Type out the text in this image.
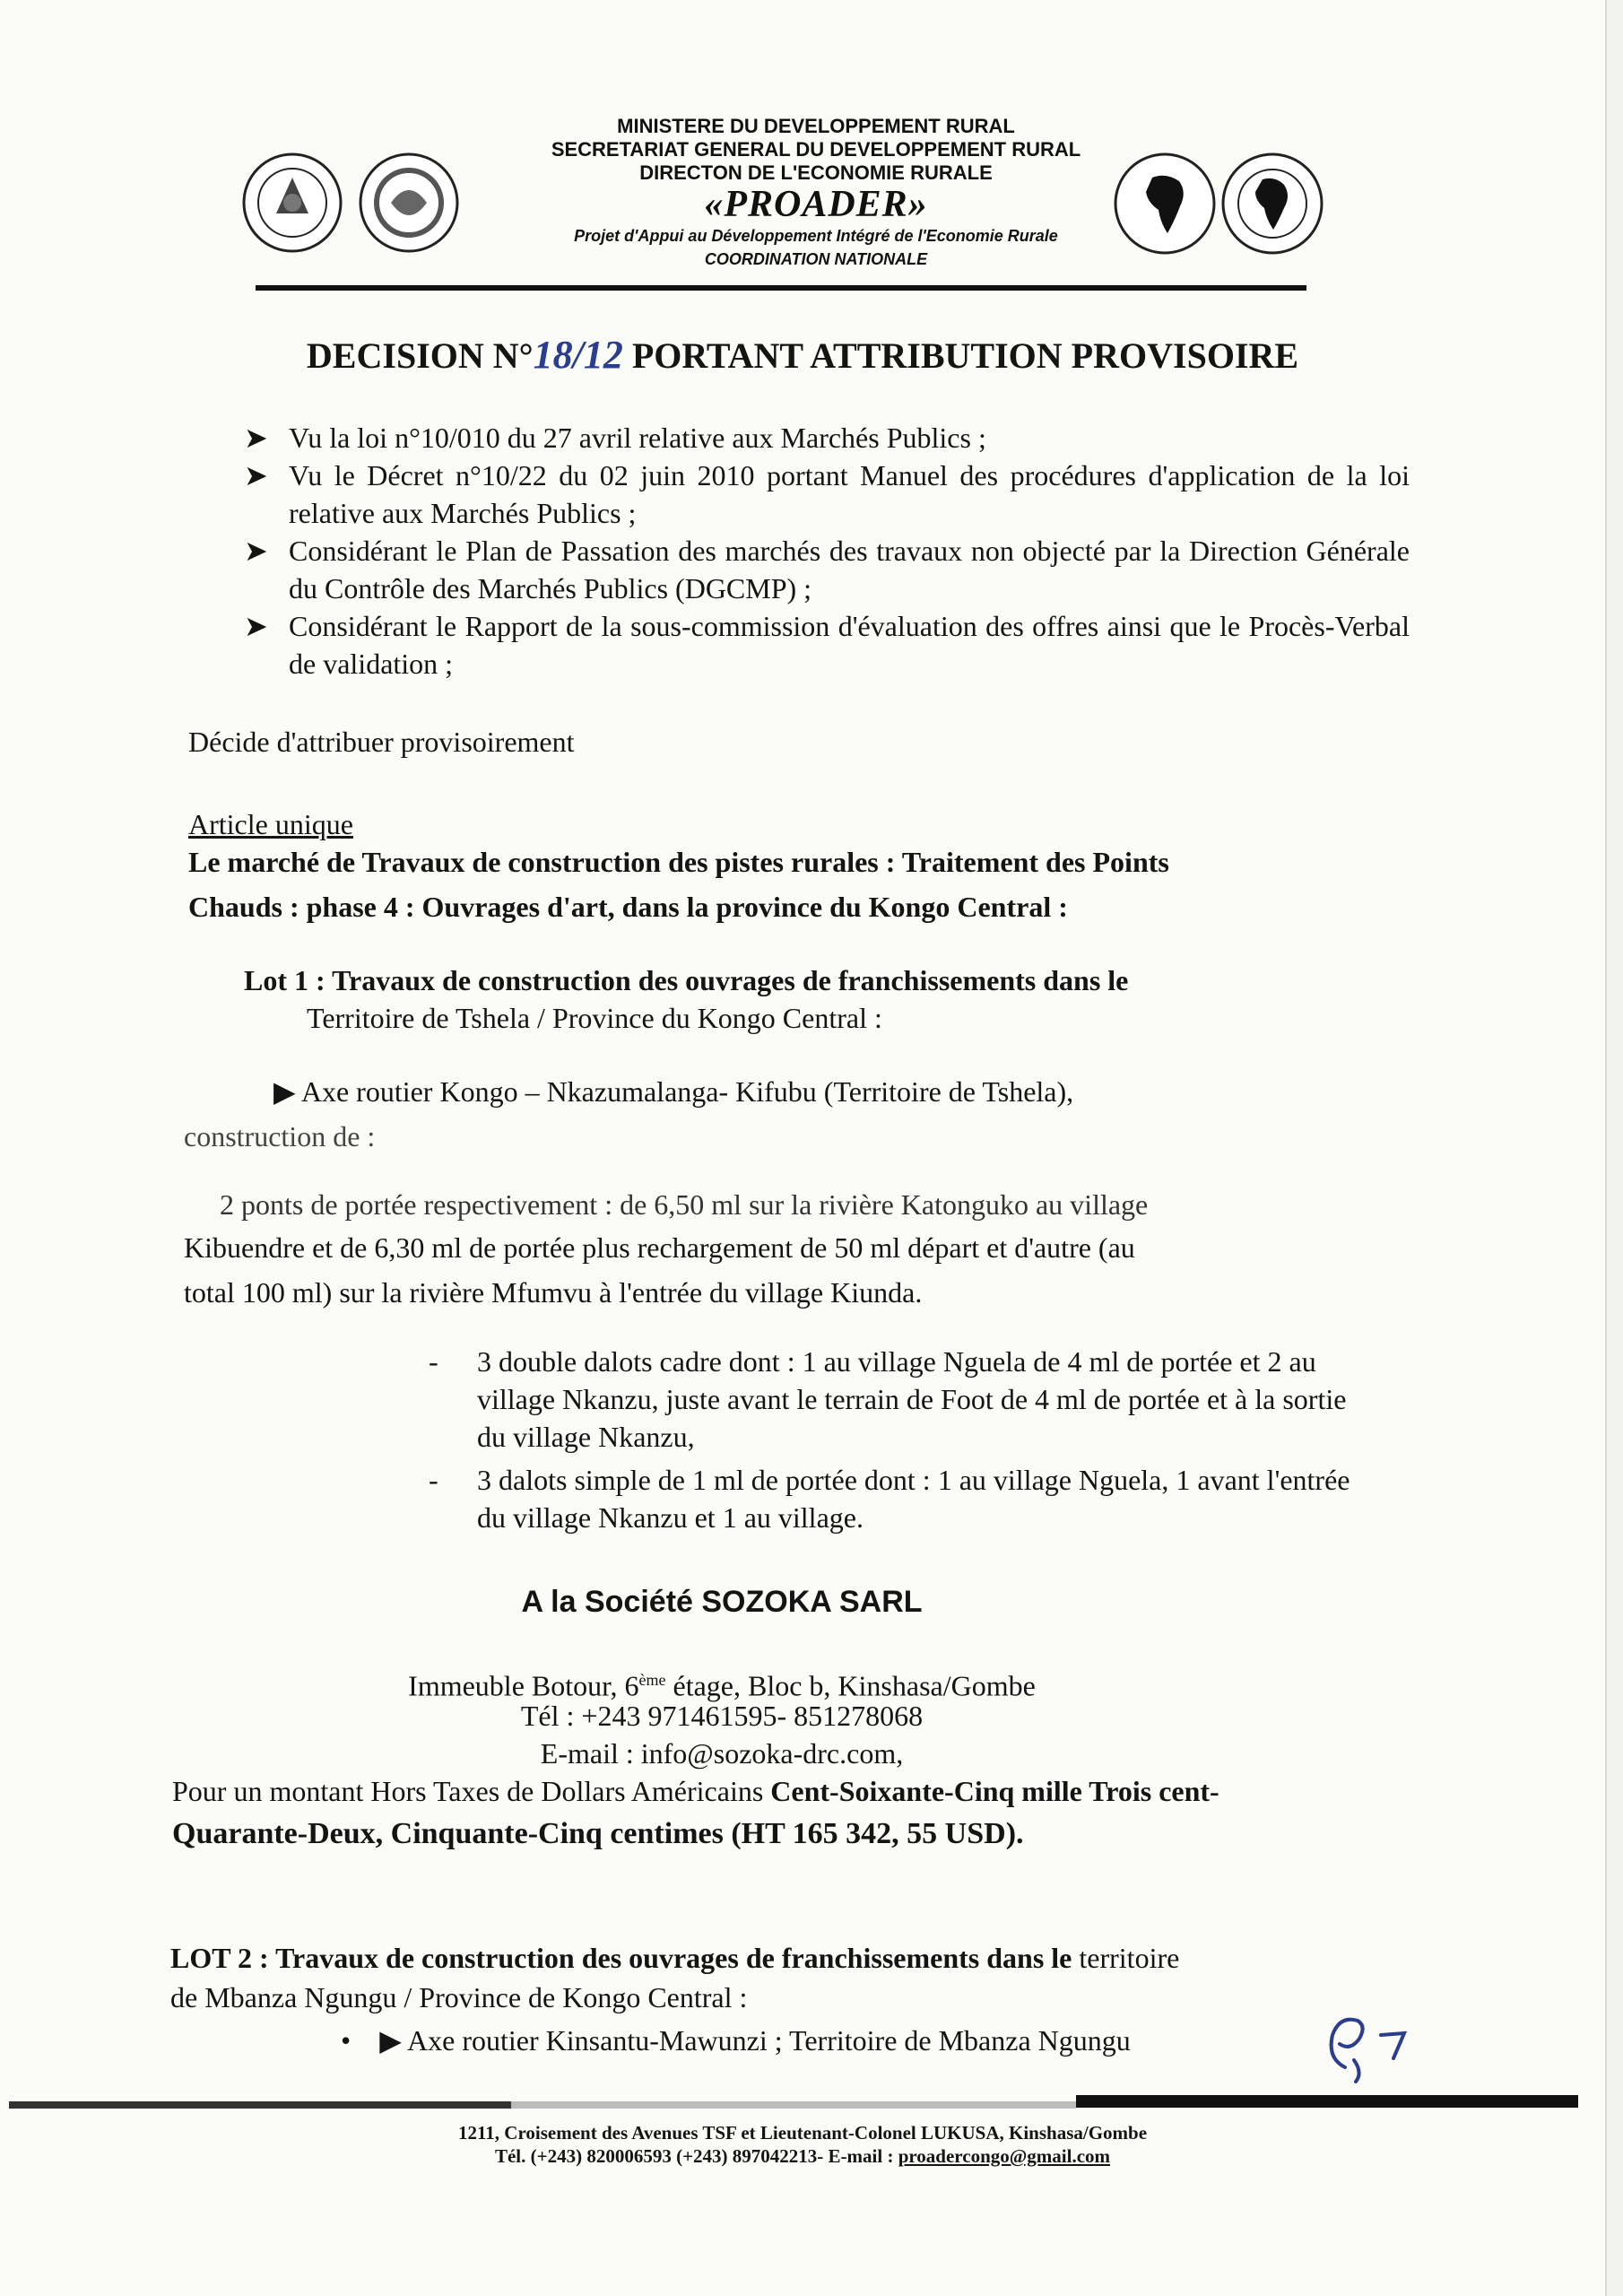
MINISTERE DU DEVELOPPEMENT RURAL
SECRETARIAT GENERAL DU DEVELOPPEMENT RURAL
DIRECTON DE L'ECONOMIE RURALE
«PROADER»
Projet d'Appui au Développement Intégré de l'Economie Rurale
COORDINATION NATIONALE
DECISION N°18/12 PORTANT ATTRIBUTION PROVISOIRE
➤ Vu la loi n°10/010 du 27 avril relative aux Marchés Publics ;
➤ Vu le Décret n°10/22 du 02 juin 2010 portant Manuel des procédures d'application de la loi relative aux Marchés Publics ;
➤ Considérant le Plan de Passation des marchés des travaux non objecté par la Direction Générale du Contrôle des Marchés Publics (DGCMP) ;
➤ Considérant le Rapport de la sous-commission d'évaluation des offres ainsi que le Procès-Verbal de validation ;
Décide d'attribuer provisoirement
Article unique
Le marché de Travaux de construction des pistes rurales : Traitement des Points
Chauds : phase 4 : Ouvrages d'art, dans la province du Kongo Central :
Lot 1 : Travaux de construction des ouvrages de franchissements dans le
Territoire de Tshela / Province du Kongo Central :
▶ Axe routier Kongo – Nkazumalanga- Kifubu (Territoire de Tshela),
construction de :
2 ponts de portée respectivement : de 6,50 ml sur la rivière Katonguko au village
Kibuendre et de 6,30 ml de portée plus rechargement de 50 ml départ et d'autre (au
total 100 ml) sur la rivière Mfumvu à l'entrée du village Kiunda.
- 3 double dalots cadre dont : 1 au village Nguela de 4 ml de portée et 2 au village Nkanzu, juste avant le terrain de Foot de 4 ml de portée et à la sortie du village Nkanzu,
- 3 dalots simple de 1 ml de portée dont : 1 au village Nguela, 1 avant l'entrée du village Nkanzu et 1 au village.
A la Société SOZOKA SARL
Immeuble Botour, 6ème étage, Bloc b, Kinshasa/Gombe
Tél : +243 971461595- 851278068
E-mail : info@sozoka-drc.com,
Pour un montant Hors Taxes de Dollars Américains Cent-Soixante-Cinq mille Trois cent-
Quarante-Deux, Cinquante-Cinq centimes (HT 165 342, 55 USD).
LOT 2 : Travaux de construction des ouvrages de franchissements dans le territoire
de Mbanza Ngungu / Province de Kongo Central :
•    ▶ Axe routier Kinsantu-Mawunzi ; Territoire de Mbanza Ngungu
1211, Croisement des Avenues TSF et Lieutenant-Colonel LUKUSA, Kinshasa/Gombe
Tél. (+243) 820006593 (+243) 897042213- E-mail : proadercongo@gmail.com
